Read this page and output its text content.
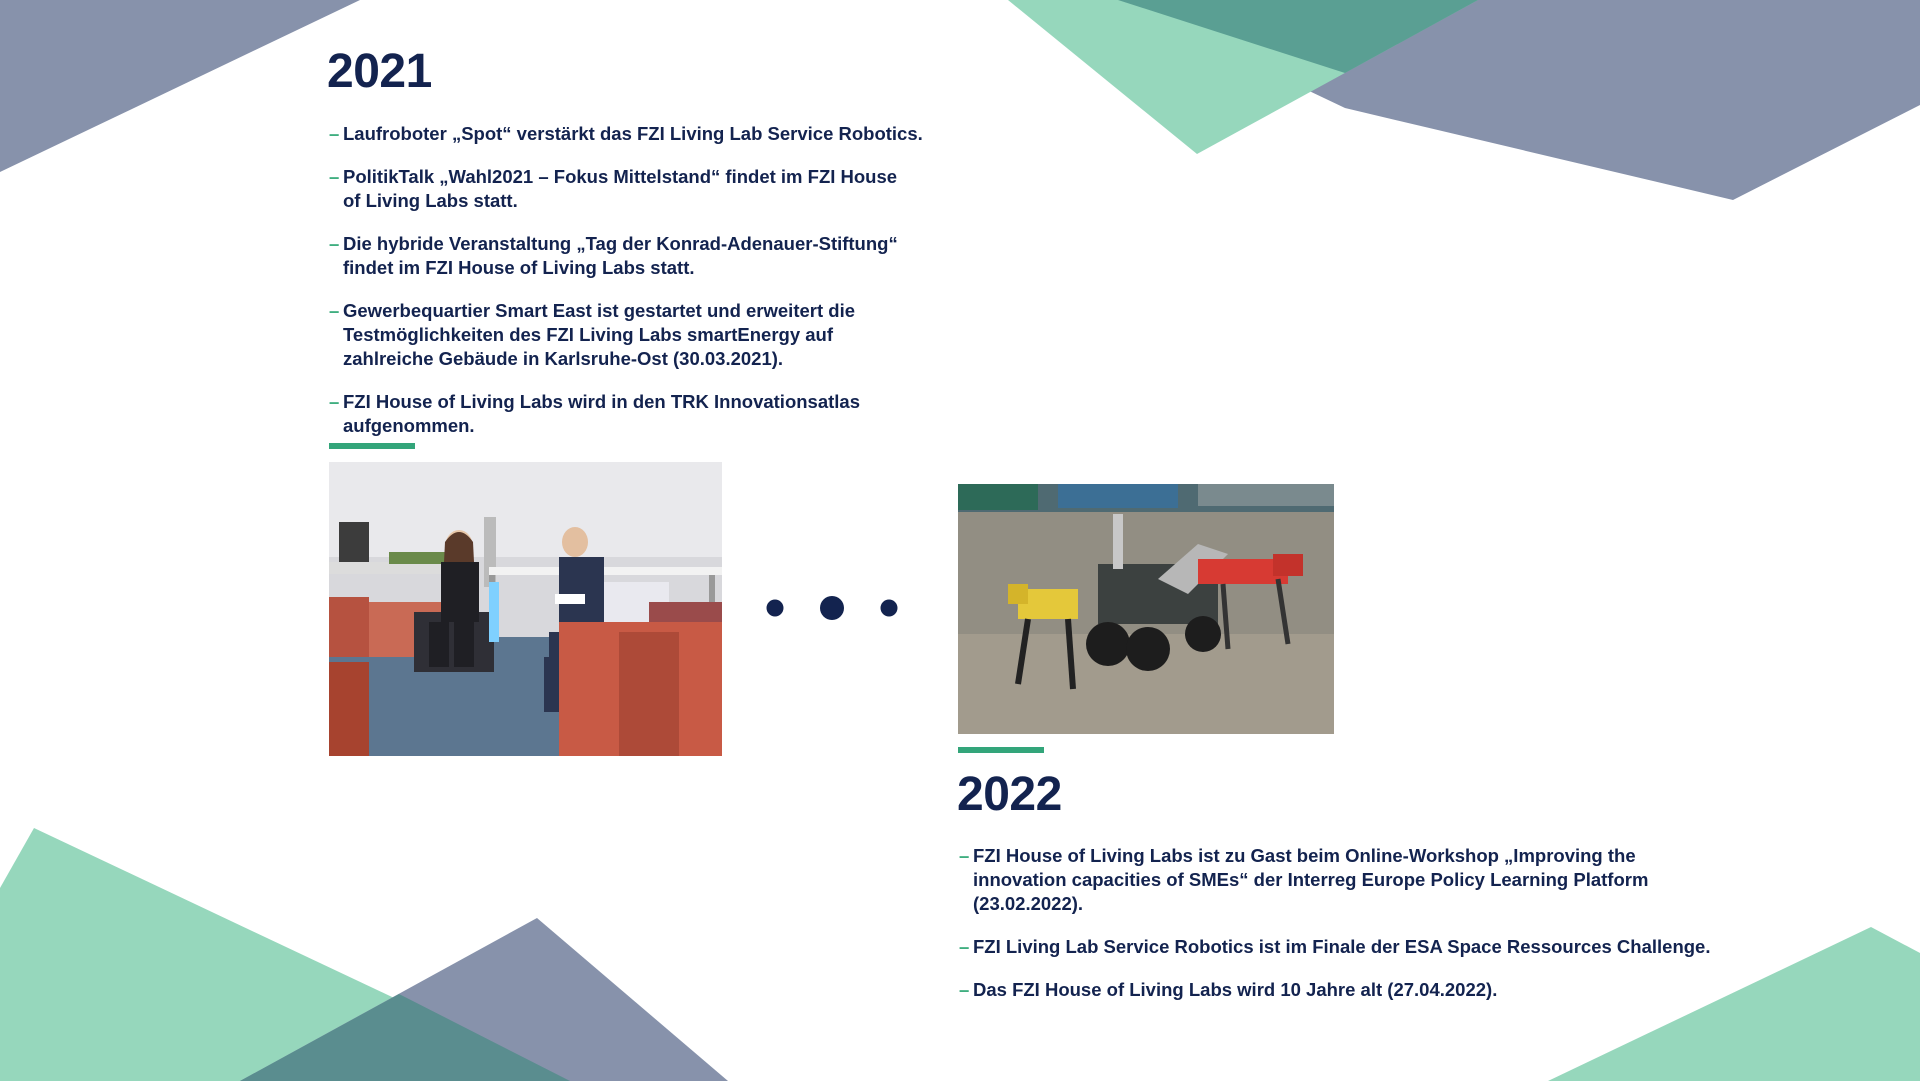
2021
– Laufroboter „Spot“ verstärkt das FZI Living Lab Service Robotics.
– PolitikTalk „Wahl2021 – Fokus Mittelstand“ findet im FZI House of Living Labs statt.
– Die hybride Veranstaltung „Tag der Konrad-Adenauer-Stiftung“ findet im FZI House of Living Labs statt.
– Gewerbequartier Smart East ist gestartet und erweitert die Testmöglichkeiten des FZI Living Labs smartEnergy auf zahlreiche Gebäude in Karlsruhe-Ost (30.03.2021).
– FZI House of Living Labs wird in den TRK Innovationsatlas aufgenommen.
2022
– FZI House of Living Labs ist zu Gast beim Online-Workshop „Improving the innovation capacities of SMEs“ der Interreg Europe Policy Learning Platform (23.02.2022).
– FZI Living Lab Service Robotics ist im Finale der ESA Space Ressources Challenge.
– Das FZI House of Living Labs wird 10 Jahre alt (27.04.2022).
